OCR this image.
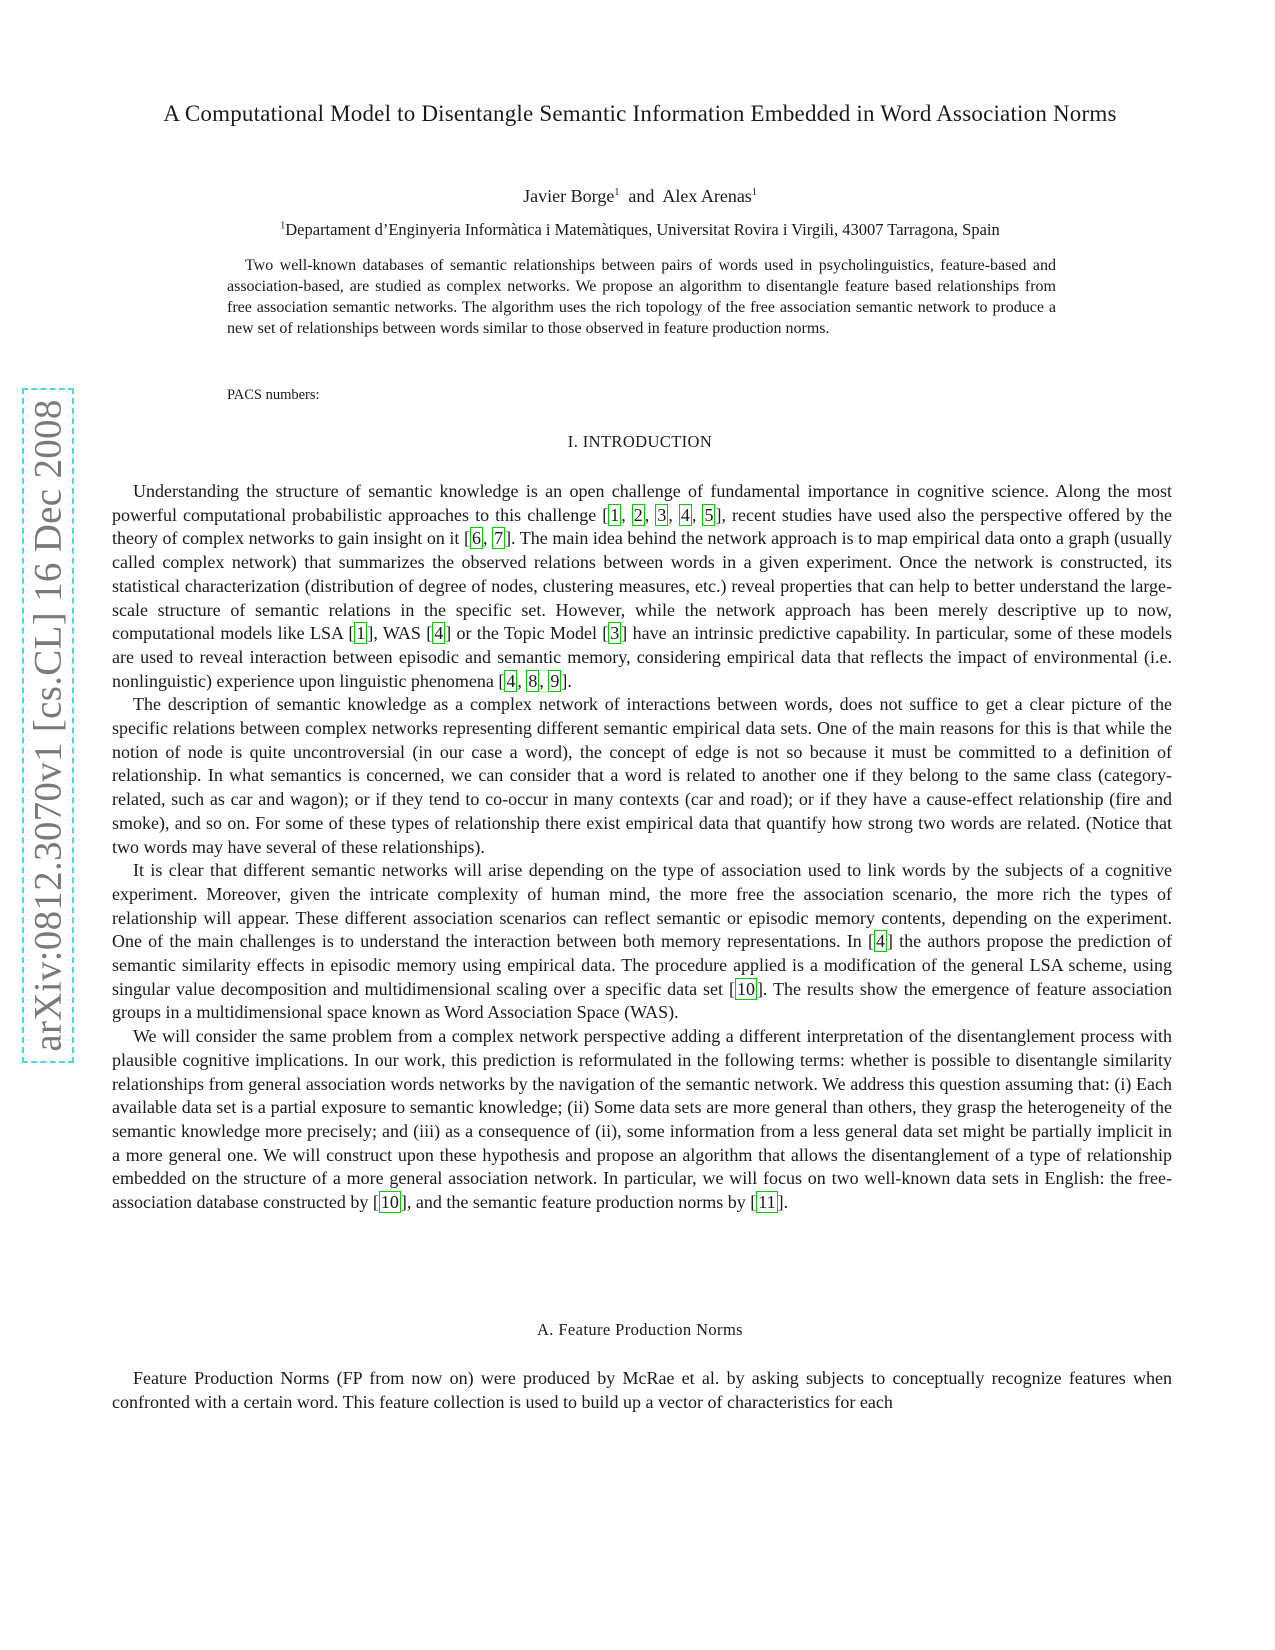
arXiv:0812.3070v1 [cs.CL] 16 Dec 2008
A Computational Model to Disentangle Semantic Information Embedded in Word Association Norms
Javier Borge$^1$ and Alex Arenas$^1$
$^1$Departament d’Enginyeria Informàtica i Matemàtiques, Universitat Rovira i Virgili, 43007 Tarragona, Spain
Two well-known databases of semantic relationships between pairs of words used in psycholinguistics, feature-based and association-based, are studied as complex networks. We propose an algorithm to disentangle feature based relationships from free association semantic networks. The algorithm uses the rich topology of the free association semantic network to produce a new set of relationships between words similar to those observed in feature production norms.
PACS numbers:
I. INTRODUCTION

Understanding the structure of semantic knowledge is an open challenge of fundamental importance in cognitive science. Along the most powerful computational probabilistic approaches to this challenge [ 1 , 2 , 3 , 4 , 5 ], recent studies have used also the perspective offered by the theory of complex networks to gain insight on it [ 6 , 7 ]. The main idea behind the network approach is to map empirical data onto a graph (usually called complex network) that summarizes the observed relations between words in a given experiment. Once the network is constructed, its statistical characterization (distribution of degree of nodes, clustering measures, etc.) reveal properties that can help to better understand the large-scale structure of semantic relations in the specific set. However, while the network approach has been merely descriptive up to now, computational models like LSA [ 1 ], WAS [ 4 ] or the Topic Model [ 3 ] have an intrinsic predictive capability. In particular, some of these models are used to reveal interaction between episodic and semantic memory, considering empirical data that reflects the impact of environmental (i.e. nonlinguistic) experience upon linguistic phenomena [ 4 , 8 , 9 ].

The description of semantic knowledge as a complex network of interactions between words, does not suffice to get a clear picture of the specific relations between complex networks representing different semantic empirical data sets. One of the main reasons for this is that while the notion of node is quite uncontroversial (in our case a word), the concept of edge is not so because it must be committed to a definition of relationship. In what semantics is concerned, we can consider that a word is related to another one if they belong to the same class (category-related, such as car and wagon); or if they tend to co-occur in many contexts (car and road); or if they have a cause-effect relationship (fire and smoke), and so on. For some of these types of relationship there exist empirical data that quantify how strong two words are related. (Notice that two words may have several of these relationships).

It is clear that different semantic networks will arise depending on the type of association used to link words by the subjects of a cognitive experiment. Moreover, given the intricate complexity of human mind, the more free the association scenario, the more rich the types of relationship will appear. These different association scenarios can reflect semantic or episodic memory contents, depending on the experiment. One of the main challenges is to understand the interaction between both memory representations. In [ 4 ] the authors propose the prediction of semantic similarity effects in episodic memory using empirical data. The procedure applied is a modification of the general LSA scheme, using singular value decomposition and multidimensional scaling over a specific data set [ 10 ]. The results show the emergence of feature association groups in a multidimensional space known as Word Association Space (WAS).

We will consider the same problem from a complex network perspective adding a different interpretation of the disentanglement process with plausible cognitive implications. In our work, this prediction is reformulated in the following terms: whether is possible to disentangle similarity relationships from general association words networks by the navigation of the semantic network. We address this question assuming that: (i) Each available data set is a partial exposure to semantic knowledge; (ii) Some data sets are more general than others, they grasp the heterogeneity of the semantic knowledge more precisely; and (iii) as a consequence of (ii), some information from a less general data set might be partially implicit in a more general one. We will construct upon these hypothesis and propose an algorithm that allows the disentanglement of a type of relationship embedded on the structure of a more general association network. In particular, we will focus on two well-known data sets in English: the free-association database constructed by [ 10 ], and the semantic feature production norms by [ 11 ].

A. Feature Production Norms

Feature Production Norms (FP from now on) were produced by McRae et al. by asking subjects to conceptually recognize features when confronted with a certain word. This feature collection is used to build up a vector of characteristics for each
